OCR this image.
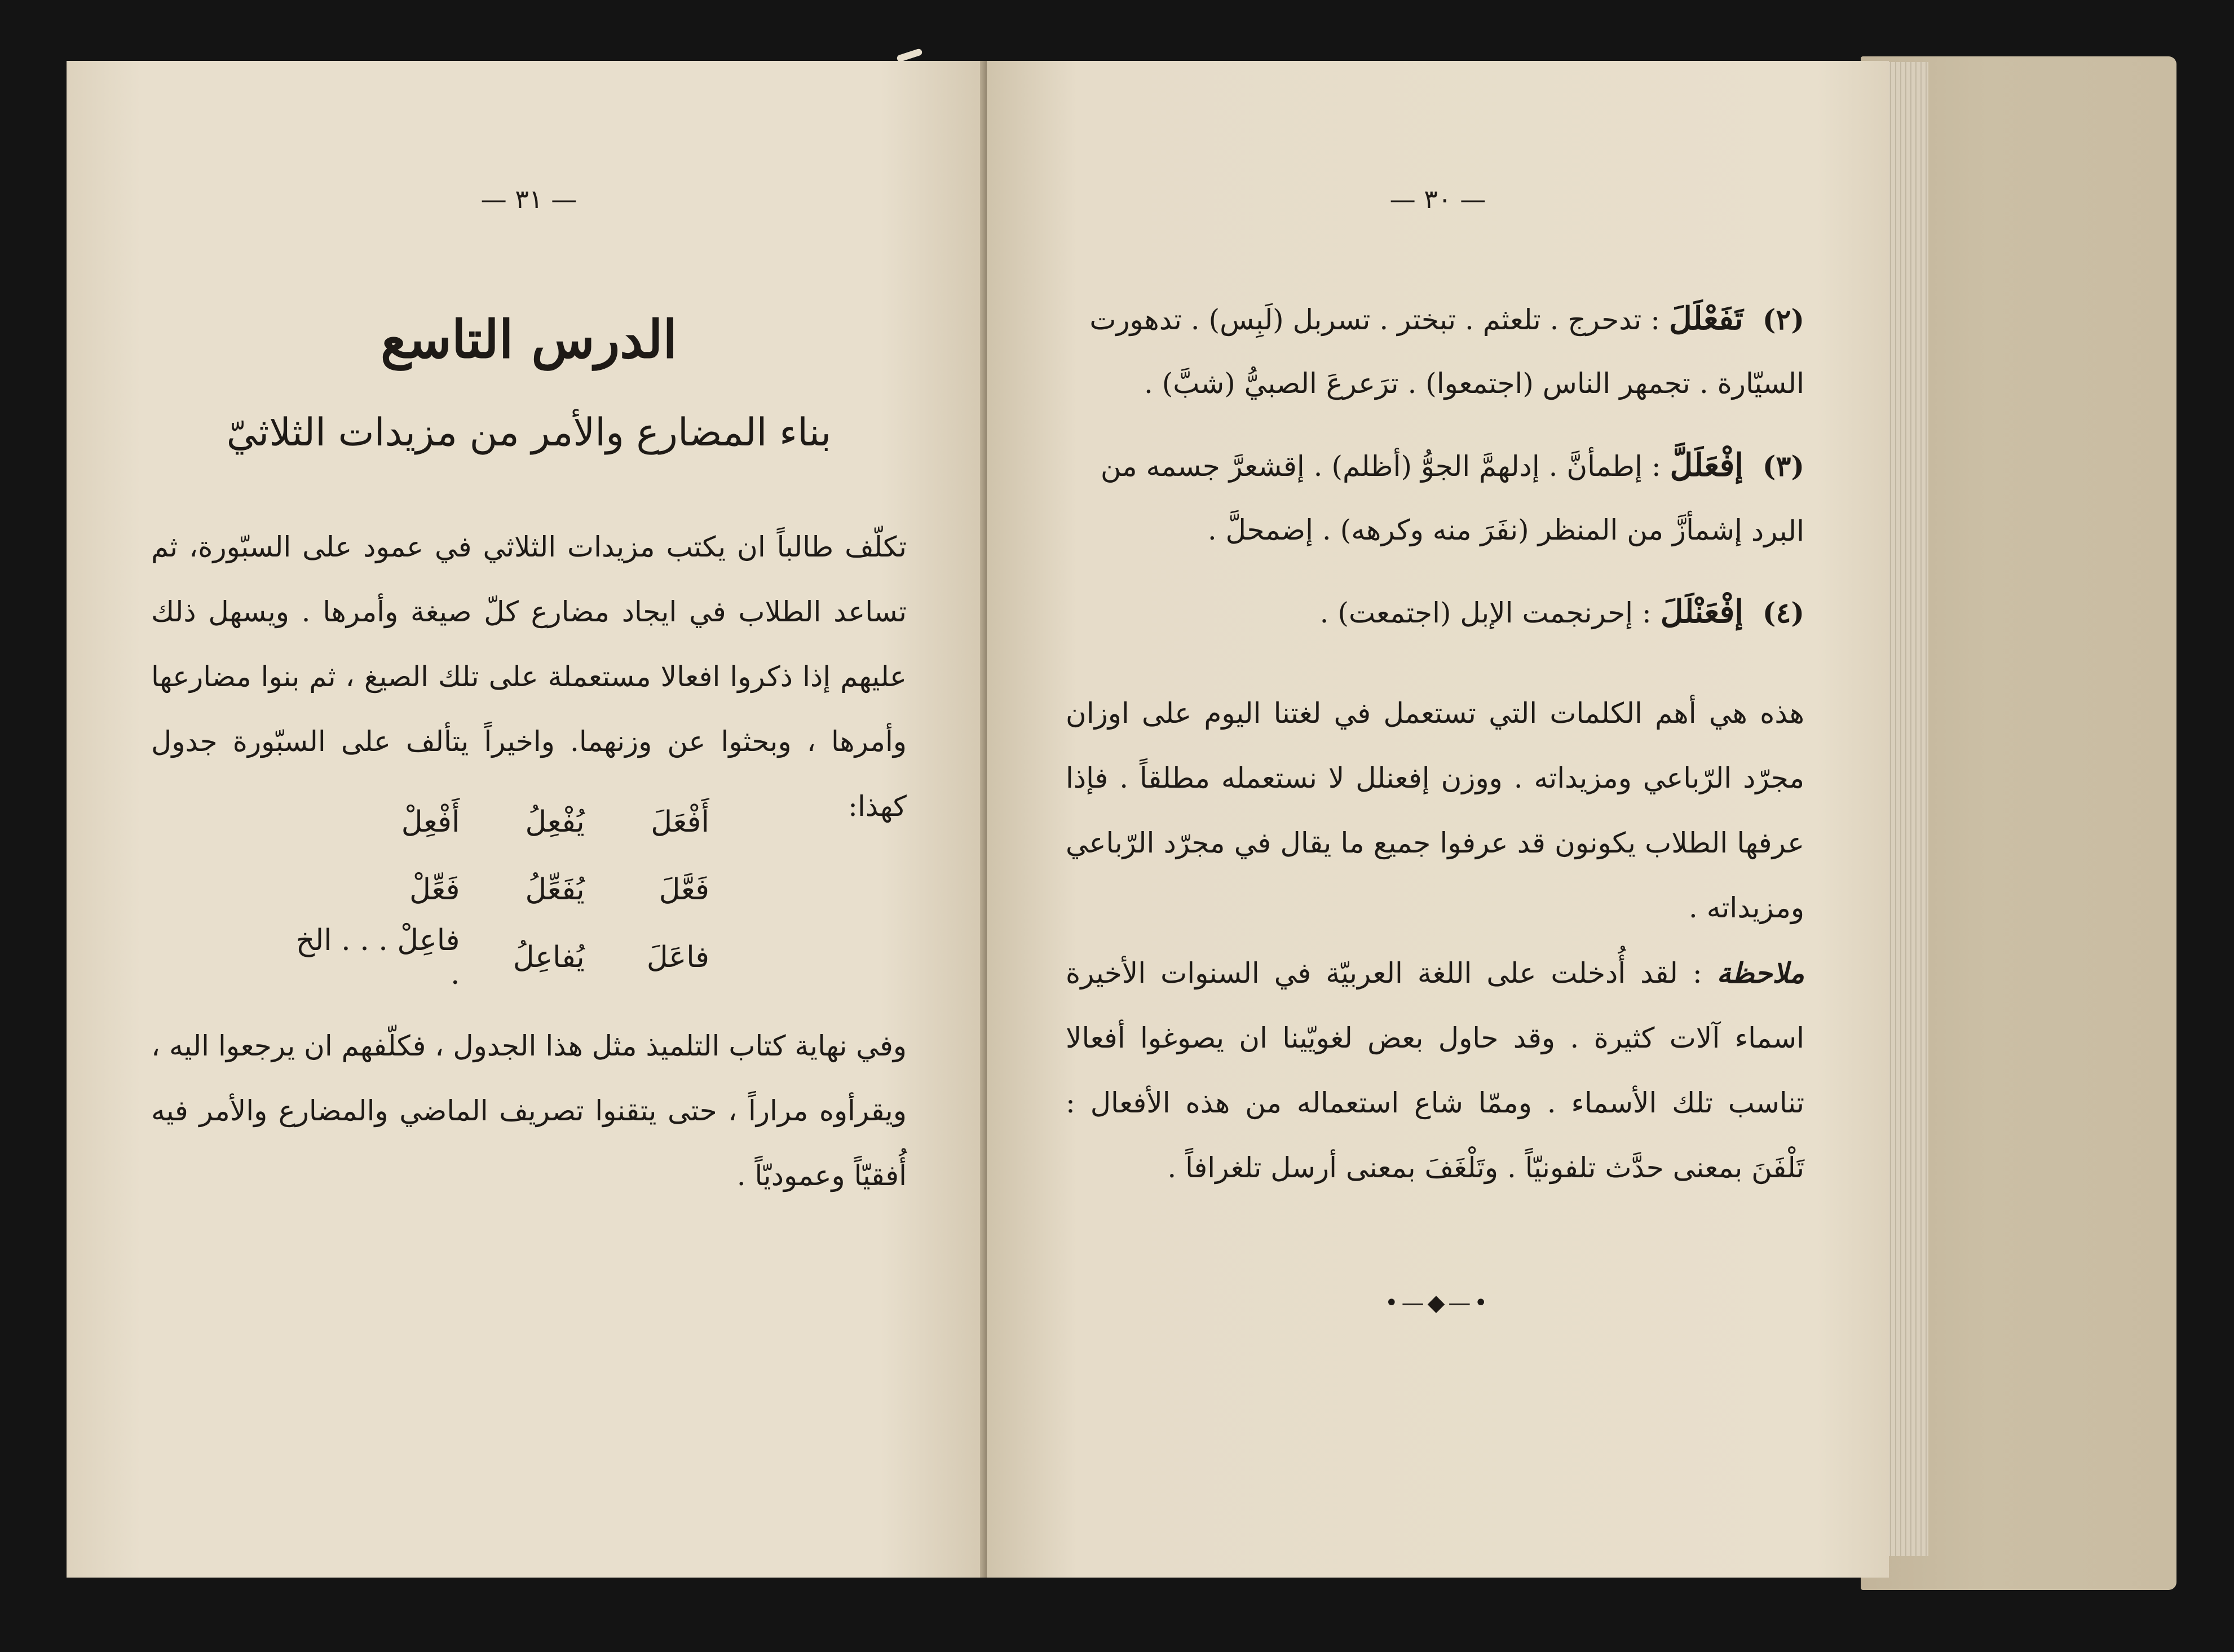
— ٣١ —
الدرس التاسع
بناء المضارع والأمر من مزيدات الثلاثيّ
تكلّف طالباً ان يكتب مزيدات الثلاثي في عمود على السبّورة، ثم تساعد الطلاب في ايجاد مضارع كلّ صيغة وأمرها . ويسهل ذلك عليهم إذا ذكروا افعالا مستعملة على تلك الصيغ ، ثم بنوا مضارعها وأمرها ، وبحثوا عن وزنهما. واخيراً يتألف على السبّورة جدول كهذا:
أَفْعَلَ
يُفْعِلُ
أَفْعِلْ
فَعَّلَ
يُفَعِّلُ
فَعِّلْ
فاعَلَ
يُفاعِلُ
فاعِلْ . . . الخ .
وفي نهاية كتاب التلميذ مثل هذا الجدول ، فكلّفهم ان يرجعوا اليه ، ويقرأوه مراراً ، حتى يتقنوا تصريف الماضي والمضارع والأمر فيه أُفقيّاً وعموديّاً .
— ٣٠ —
(٢) تَفَعْلَلَ : تدحرج . تلعثم . تبختر . تسربل (لَبِس) . تدهورت
السيّارة . تجمهر الناس (اجتمعوا) . ترَعرعَ الصبيُّ (شبَّ) .
(٣) إفْعَلَلَّ : إطمأنَّ . إدلهمَّ الجوُّ (أظلم) . إقشعرَّ جسمه من البرد .
إشمأزَّ من المنظر (نفَرَ منه وكرهه) . إضمحلَّ .
(٤) إفْعَنْلَلَ : إحرنجمت الإبل (اجتمعت) .
هذه هي أهم الكلمات التي تستعمل في لغتنا اليوم على اوزان مجرّد الرّباعي ومزيداته . ووزن إفعنلل لا نستعمله مطلقاً . فإذا عرفها الطلاب يكونون قد عرفوا جميع ما يقال في مجرّد الرّباعي ومزيداته .
ملاحظة : لقد أُدخلت على اللغة العربيّة في السنوات الأخيرة اسماء آلات كثيرة . وقد حاول بعض لغويّينا ان يصوغوا أفعالا تناسب تلك الأسماء . وممّا شاع استعماله من هذه الأفعال : تَلْفَنَ بمعنى حدَّث تلفونيّاً . وتَلْغَفَ بمعنى أرسل تلغرافاً .
•—◆—•
